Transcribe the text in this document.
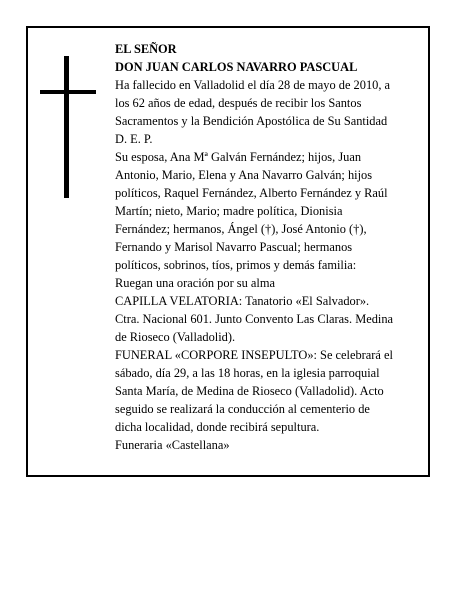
EL SEÑOR
DON JUAN CARLOS NAVARRO PASCUAL
Ha fallecido en Valladolid el día 28 de mayo de 2010, a
los 62 años de edad, después de recibir los Santos
Sacramentos y la Bendición Apostólica de Su Santidad
D. E. P.
Su esposa, Ana Mª Galván Fernández; hijos, Juan
Antonio, Mario, Elena y Ana Navarro Galván; hijos
políticos, Raquel Fernández, Alberto Fernández y Raúl
Martín; nieto, Mario; madre política, Dionisia
Fernández; hermanos, Ángel (†), José Antonio (†),
Fernando y Marisol Navarro Pascual; hermanos
políticos, sobrinos, tíos, primos y demás familia:
Ruegan una oración por su alma
CAPILLA VELATORIA: Tanatorio «El Salvador».
Ctra. Nacional 601. Junto Convento Las Claras. Medina
de Rioseco (Valladolid).
FUNERAL «CORPORE INSEPULTO»: Se celebrará el
sábado, día 29, a las 18 horas, en la iglesia parroquial
Santa María, de Medina de Rioseco (Valladolid). Acto
seguido se realizará la conducción al cementerio de
dicha localidad, donde recibirá sepultura.
Funeraria «Castellana»
